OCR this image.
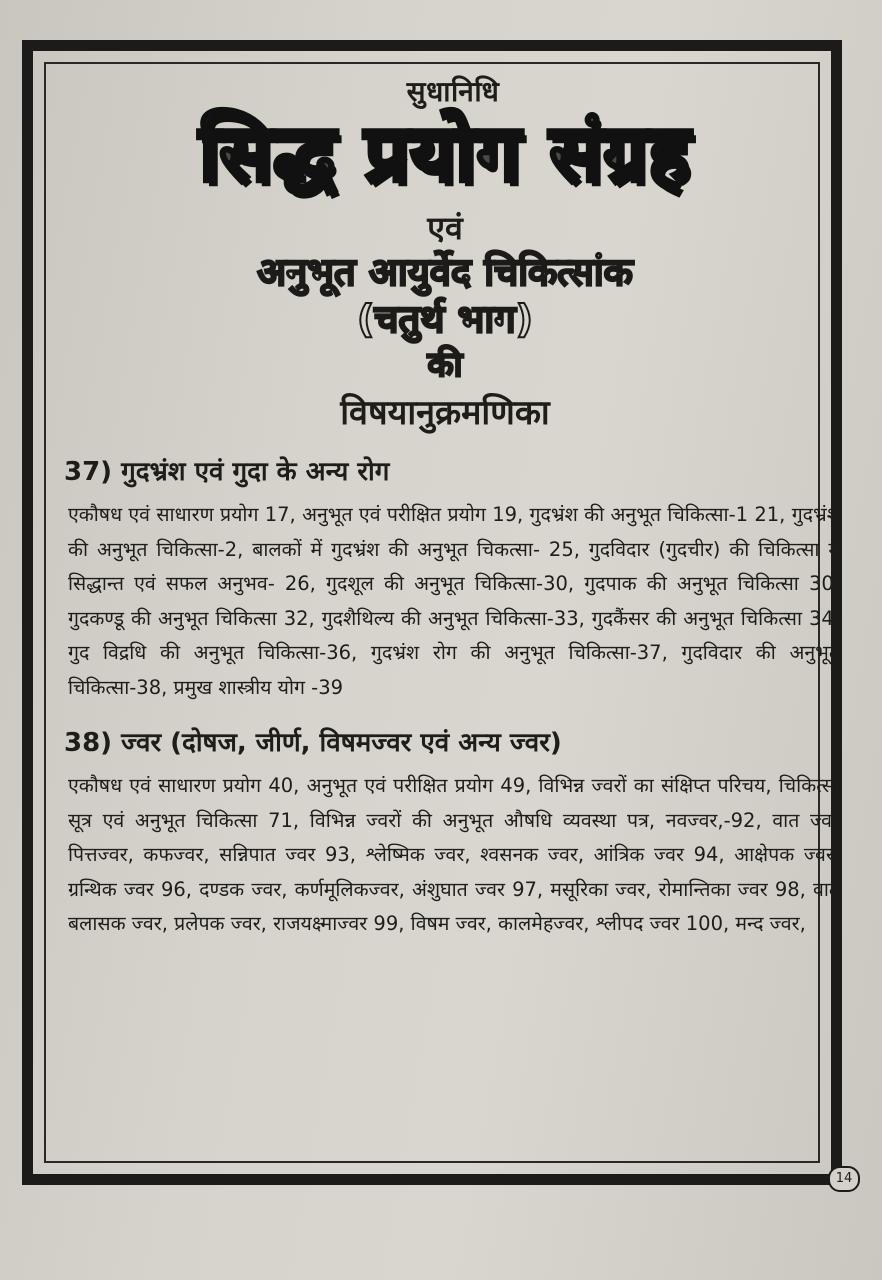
सुधानिधि
सिद्ध प्रयोग संग्रह
एवं
अनुभूत आयुर्वेद चिकित्सांक
(चतुर्थ भाग)
की
विषयानुक्रमणिका
37) गुदभ्रंश एवं गुदा के अन्य रोग
एकौषध एवं साधारण प्रयोग 17, अनुभूत एवं परीक्षित प्रयोग 19, गुदभ्रंश की अनुभूत चिकित्सा-1 21, गुदभ्रंश की अनुभूत चिकित्सा-2, बालकों में गुदभ्रंश की अनुभूत चिकत्सा- 25, गुदविदार (गुदचीर) की चिकित्सा में सिद्धान्त एवं सफल अनुभव- 26, गुदशूल की अनुभूत चिकित्सा-30, गुदपाक की अनुभूत चिकित्सा 30, गुदकण्डू की अनुभूत चिकित्सा 32, गुदशैथिल्य की अनुभूत चिकित्सा-33, गुदकैंसर की अनुभूत चिकित्सा 34, गुद विद्रधि की अनुभूत चिकित्सा-36, गुदभ्रंश रोग की अनुभूत चिकित्सा-37, गुदविदार की अनुभूत चिकित्सा-38, प्रमुख शास्त्रीय योग -39
38) ज्वर (दोषज, जीर्ण, विषमज्वर एवं अन्य ज्वर)
एकौषध एवं साधारण प्रयोग 40, अनुभूत एवं परीक्षित प्रयोग 49, विभिन्न ज्वरों का संक्षिप्त परिचय, चिकित्सा सूत्र एवं अनुभूत चिकित्सा 71, विभिन्न ज्वरों की अनुभूत औषधि व्यवस्था पत्र, नवज्वर,-92, वात ज्वर पित्तज्वर, कफज्वर, सन्निपात ज्वर 93, श्लेष्मिक ज्वर, श्वसनक ज्वर, आंत्रिक ज्वर 94, आक्षेपक ज्वर, ग्रन्थिक ज्वर 96, दण्डक ज्वर, कर्णमूलिकज्वर, अंशुघात ज्वर 97, मसूरिका ज्वर, रोमान्तिका ज्वर 98, वात बलासक ज्वर, प्रलेपक ज्वर, राजयक्ष्माज्वर 99, विषम ज्वर, कालमेहज्वर, श्लीपद ज्वर 100, मन्द ज्वर,
14
